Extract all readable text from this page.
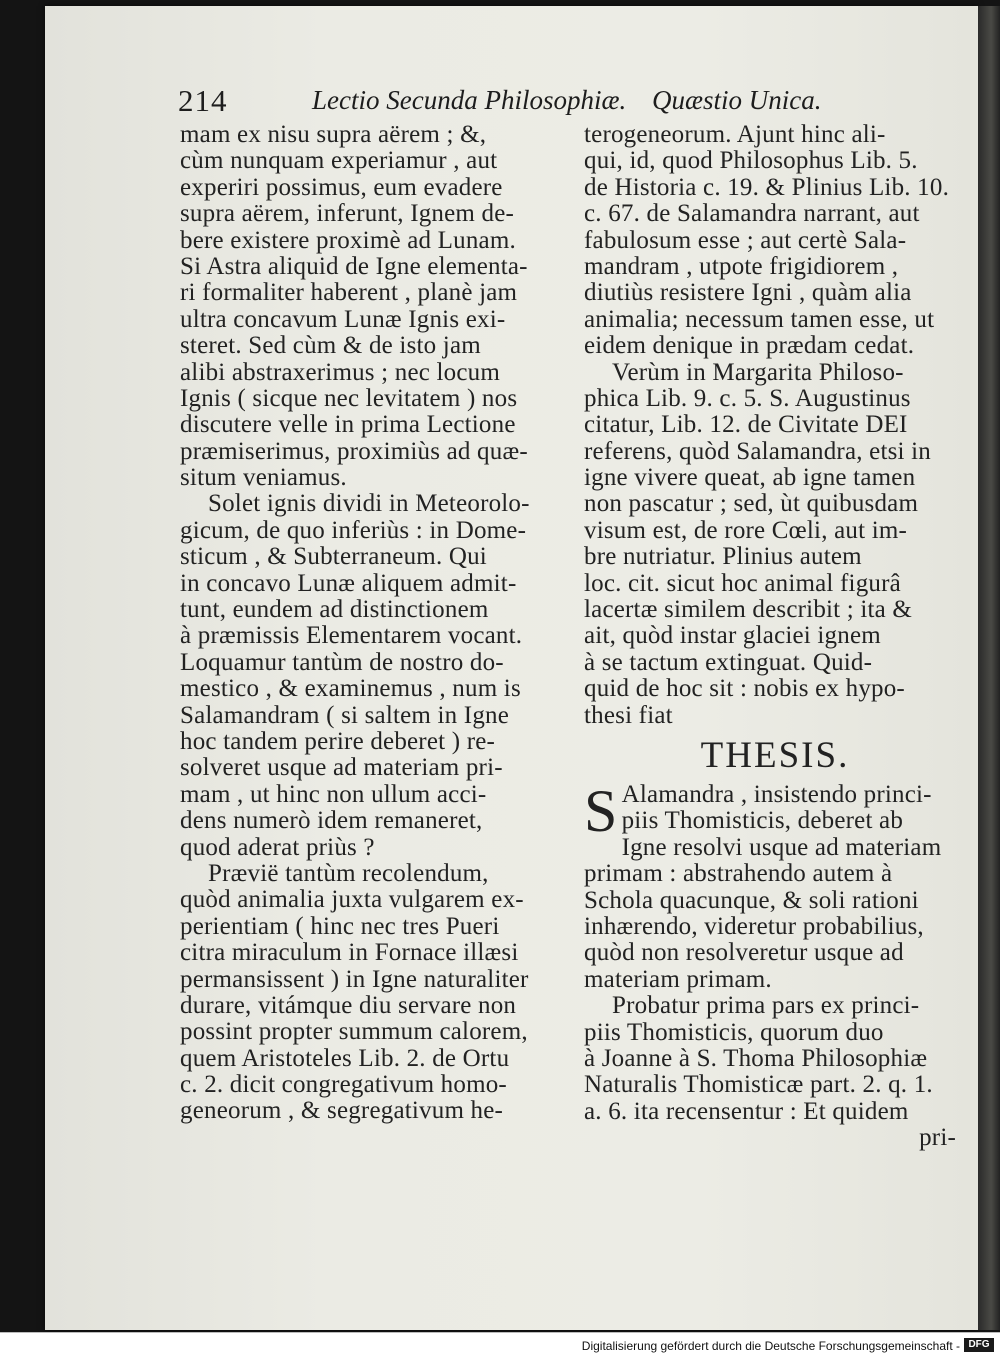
214	Lectio Secunda Philosophiæ. Quæstio Unica.
mam ex nisu supra aërem ; &,
cùm nunquam experiamur , aut
experiri possimus, eum evadere
supra aërem, inferunt, Ignem de-
bere existere proximè ad Lunam.
Si Astra aliquid de Igne elementa-
ri formaliter haberent , planè jam
ultra concavum Lunæ Ignis exi-
steret. Sed cùm & de isto jam
alibi abstraxerimus ; nec locum
Ignis ( sicque nec levitatem ) nos
discutere velle in prima Lectione
præmiserimus, proximiùs ad quæ-
situm veniamus.
Solet ignis dividi in Meteorolo-
gicum, de quo inferiùs : in Dome-
sticum , & Subterraneum. Qui
in concavo Lunæ aliquem admit-
tunt, eundem ad distinctionem
à præmissis Elementarem vocant.
Loquamur tantùm de nostro do-
mestico , & examinemus , num is
Salamandram ( si saltem in Igne
hoc tandem perire deberet ) re-
solveret usque ad materiam pri-
mam , ut hinc non ullum acci-
dens numerò idem remaneret,
quod aderat priùs ?
Prævië tantùm recolendum,
quòd animalia juxta vulgarem ex-
perientiam ( hinc nec tres Pueri
citra miraculum in Fornace illæsi
permansissent ) in Igne naturaliter
durare, vitámque diu servare non
possint propter summum calorem,
quem Aristoteles Lib. 2. de Ortu
c. 2. dicit congregativum homo-
geneorum , & segregativum he-
terogeneorum. Ajunt hinc ali-
qui, id, quod Philosophus Lib. 5.
de Historia c. 19. & Plinius Lib. 10.
c. 67. de Salamandra narrant, aut
fabulosum esse ; aut certè Sala-
mandram , utpote frigidiorem ,
diutiùs resistere Igni , quàm alia
animalia; necessum tamen esse, ut
eidem denique in prædam cedat.
Verùm in Margarita Philoso-
phica Lib. 9. c. 5. S. Augustinus
citatur, Lib. 12. de Civitate DEI
referens, quòd Salamandra, etsi in
igne vivere queat, ab igne tamen
non pascatur ; sed, ùt quibusdam
visum est, de rore Cœli, aut im-
bre nutriatur. Plinius autem
loc. cit. sicut hoc animal figurâ
lacertæ similem describit ; ita &
ait, quòd instar glaciei ignem
à se tactum extinguat. Quid-
quid de hoc sit : nobis ex hypo-
thesi fiat
THESIS.
S Alamandra , insistendo princi-
piis Thomisticis, deberet ab
Igne resolvi usque ad materiam
primam : abstrahendo autem à
Schola quacunque, & soli rationi
inhærendo, videretur probabilius,
quòd non resolveretur usque ad
materiam primam.
Probatur prima pars ex princi-
piis Thomisticis, quorum duo
à Joanne à S. Thoma Philosophiæ
Naturalis Thomisticæ part. 2. q. 1.
a. 6. ita recensentur : Et quidem
pri-
Digitalisierung gefördert durch die Deutsche Forschungsgemeinschaft - DFG
